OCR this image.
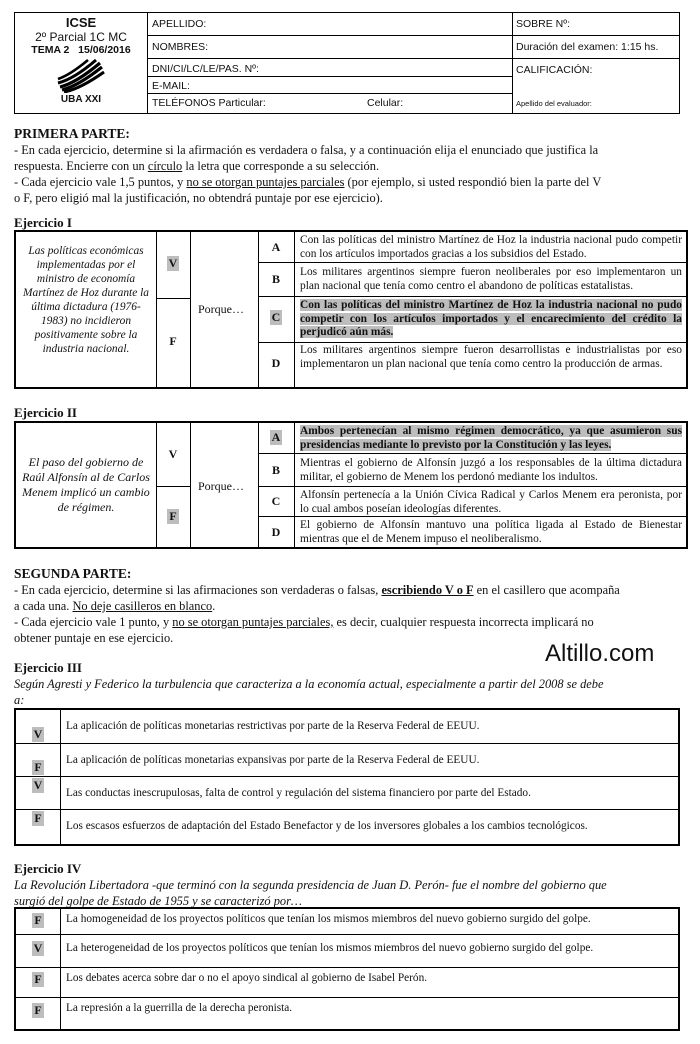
ICSE
2º Parcial 1C MC
TEMA 2   15/06/2016
UBA XXI
APELLIDO:
NOMBRES:
DNI/CI/LC/LE/PAS. Nº:
E-MAIL:
TELÉFONOS Particular:	Celular:
SOBRE Nº:
Duración del examen: 1:15 hs.
CALIFICACIÓN:
Apellido del evaluador:
PRIMERA PARTE:
- En cada ejercicio, determine si la afirmación es verdadera o falsa, y a continuación elija el enunciado que justifica la
respuesta. Encierre con un círculo la letra que corresponde a su selección.
- Cada ejercicio vale 1,5 puntos, y no se otorgan puntajes parciales (por ejemplo, si usted respondió bien la parte del V
o F, pero eligió mal la justificación, no obtendrá puntaje por ese ejercicio).
Ejercicio I
Las políticas económicas implementadas por el ministro de economía Martínez de Hoz durante la última dictadura (1976-1983) no incidieron positivamente sobre la industria nacional.
V
F
Porque…
A
B
C
D
Con las políticas del ministro Martínez de Hoz la industria nacional pudo competir con los artículos importados gracias a los subsidios del Estado.
Los militares argentinos siempre fueron neoliberales por eso implementaron un plan nacional que tenía como centro el abandono de políticas estatalistas.
Con las políticas del ministro Martínez de Hoz la industria nacional no pudo competir con los artículos importados y el encarecimiento del crédito la perjudicó aún más.
Los militares argentinos siempre fueron desarrollistas e industrialistas por eso implementaron un plan nacional que tenía como centro la producción de armas.
Ejercicio II
El paso del gobierno de Raúl Alfonsín al de Carlos Menem implicó un cambio de régimen.
V
F
Porque…
A
B
C
D
Ambos pertenecían al mismo régimen democrático, ya que asumieron sus presidencias mediante lo previsto por la Constitución y las leyes.
Mientras el gobierno de Alfonsín juzgó a los responsables de la última dictadura militar, el gobierno de Menem los perdonó mediante los indultos.
Alfonsín pertenecía a la Unión Cívica Radical y Carlos Menem era peronista, por lo cual ambos poseían ideologías diferentes.
El gobierno de Alfonsín mantuvo una política ligada al Estado de Bienestar mientras que el de Menem impuso el neoliberalismo.
SEGUNDA PARTE:
- En cada ejercicio, determine si las afirmaciones son verdaderas o falsas, escribiendo V o F en el casillero que acompaña
a cada una. No deje casilleros en blanco.
- Cada ejercicio vale 1 punto, y no se otorgan puntajes parciales, es decir, cualquier respuesta incorrecta implicará no
obtener puntaje en ese ejercicio.
Altillo.com
Ejercicio III
Según Agresti y Federico la turbulencia que caracteriza a la economía actual, especialmente a partir del 2008 se debe
a:
V
F
V
F
La aplicación de políticas monetarias restrictivas por parte de la Reserva Federal de EEUU.
La aplicación de políticas monetarias expansivas por parte de la Reserva Federal de EEUU.
Las conductas inescrupulosas, falta de control y regulación del sistema financiero por parte del Estado.
Los escasos esfuerzos de adaptación del Estado Benefactor y de los inversores globales a los cambios tecnológicos.
Ejercicio IV
La Revolución Libertadora -que terminó con la segunda presidencia de Juan D. Perón- fue el nombre del gobierno que
surgió del golpe de Estado de 1955 y se caracterizó por…
F
V
F
F
La homogeneidad de los proyectos políticos que tenían los mismos miembros del nuevo gobierno surgido del golpe.
La heterogeneidad de los proyectos políticos que tenían los mismos miembros del nuevo gobierno surgido del golpe.
Los debates acerca sobre dar o no el apoyo sindical al gobierno de Isabel Perón.
La represión a la guerrilla de la derecha peronista.
